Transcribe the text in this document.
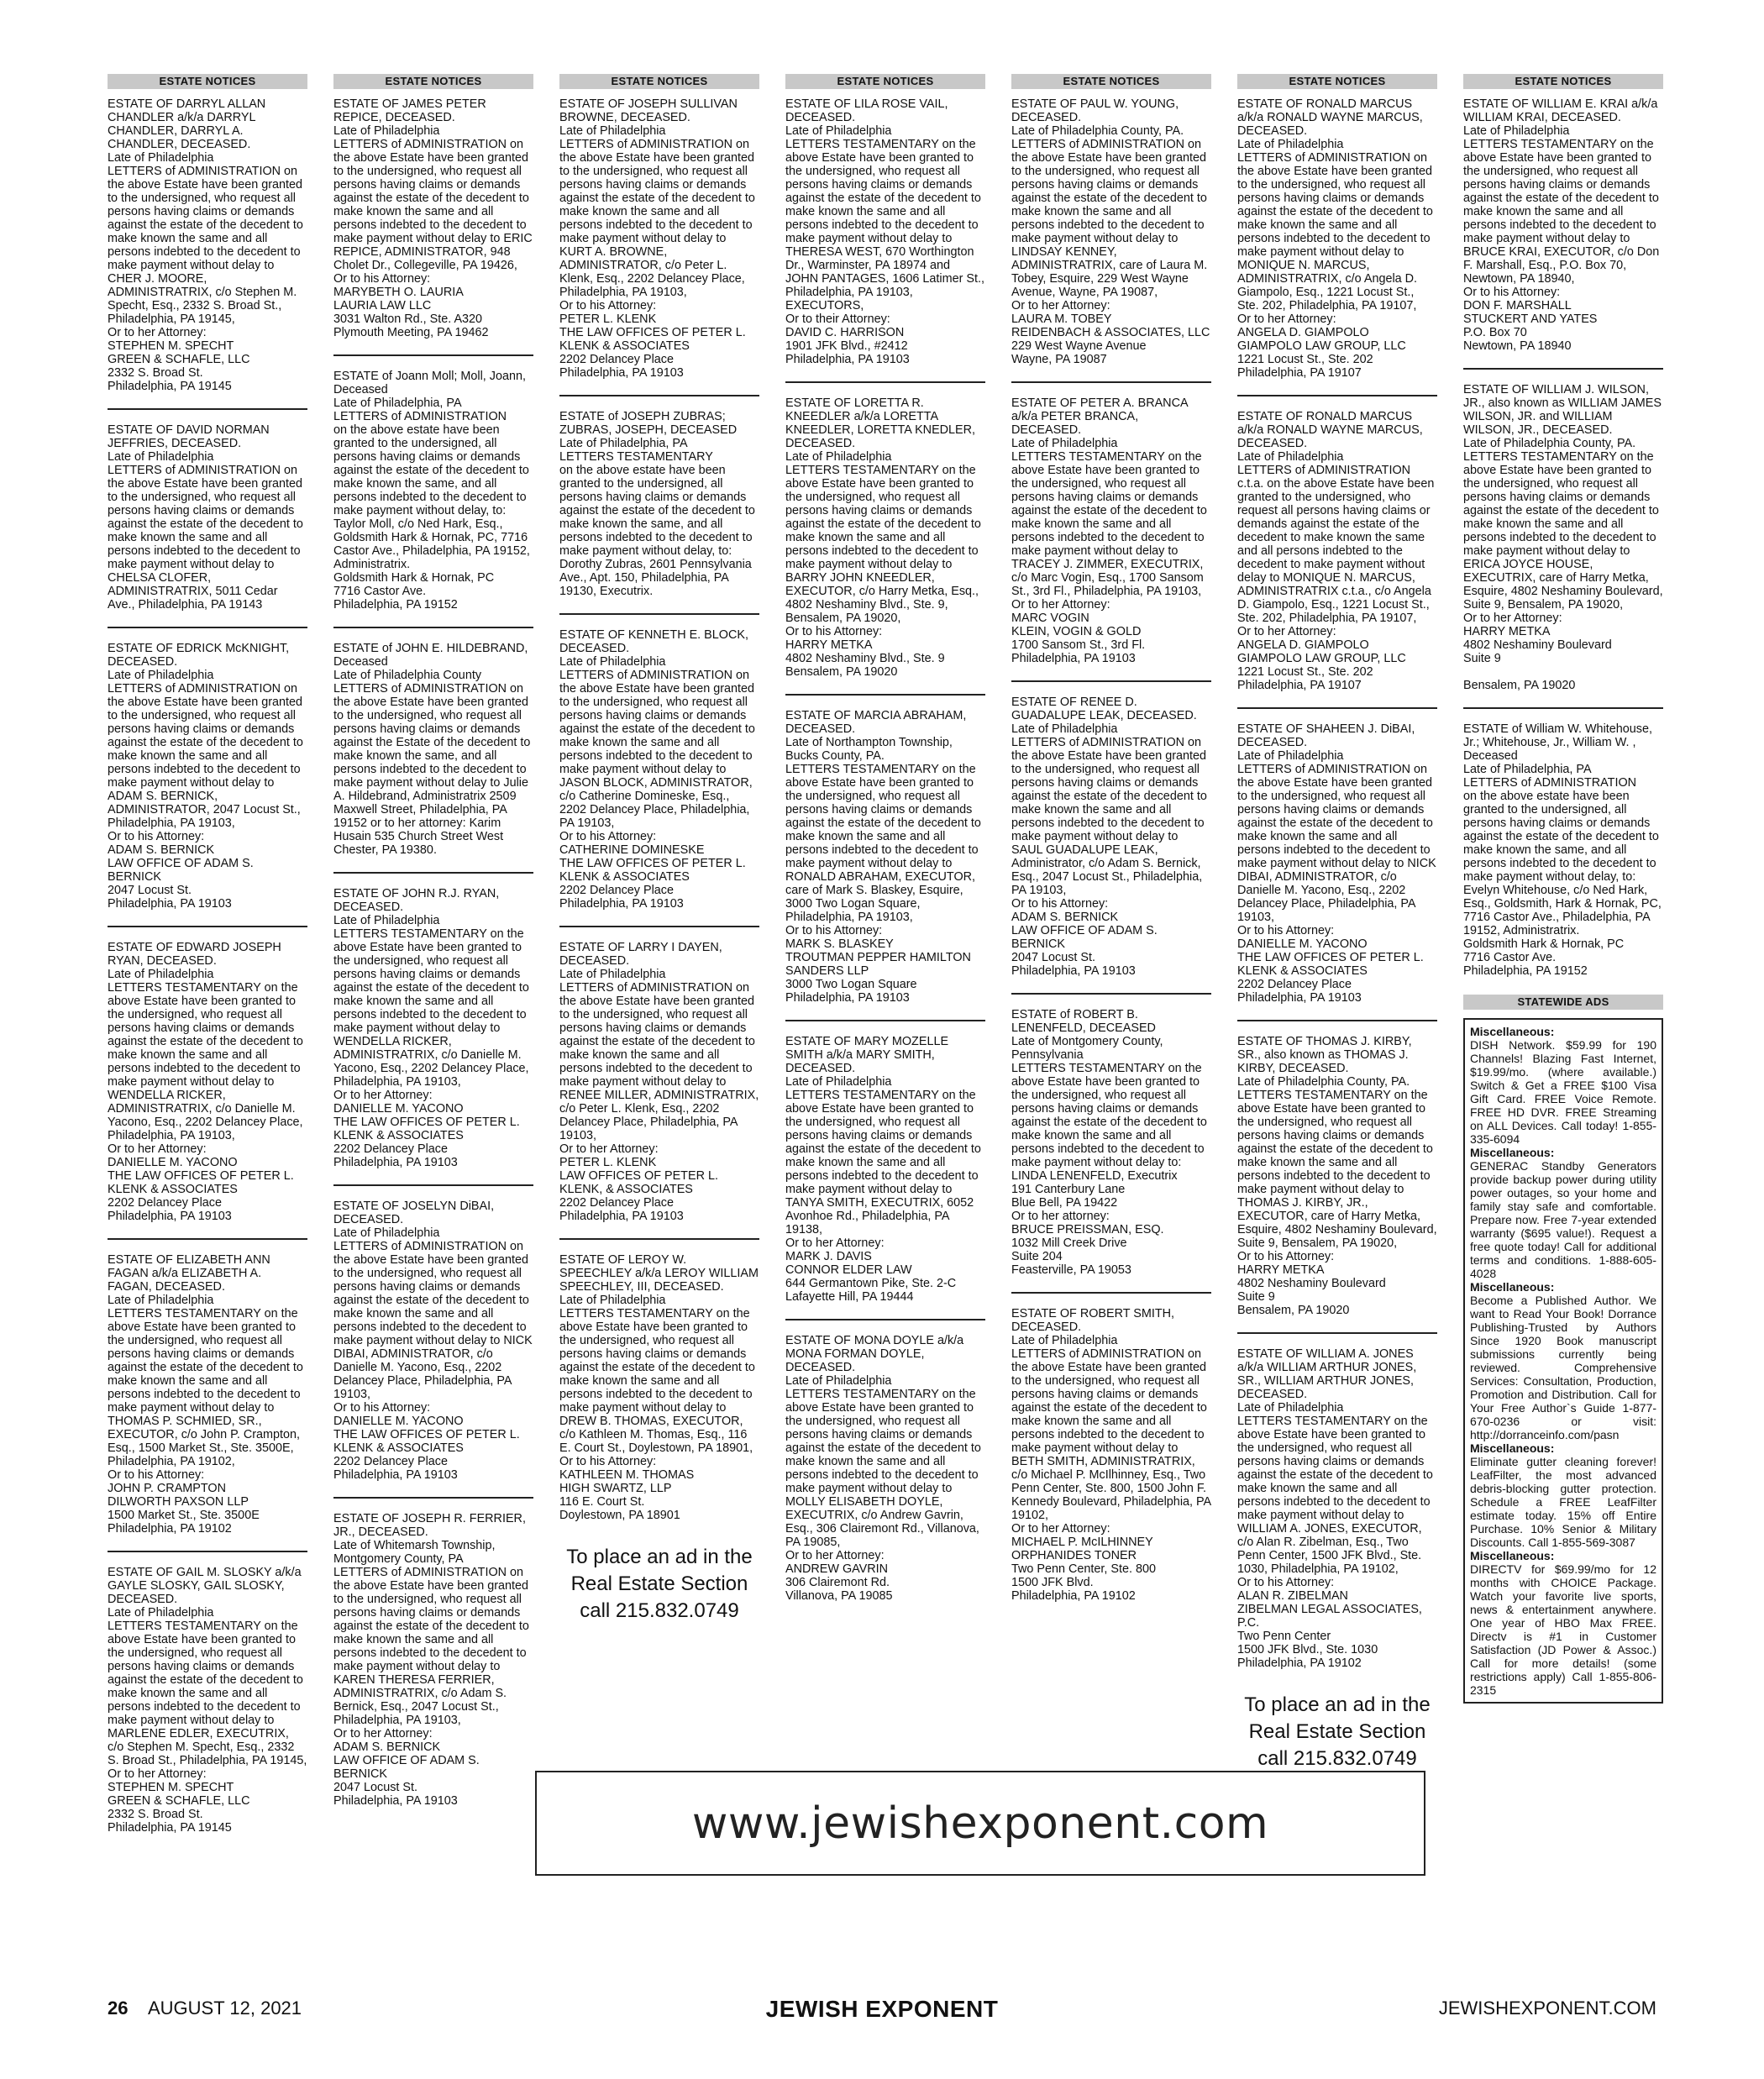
ESTATE NOTICES
ESTATE OF DARRYL ALLAN CHANDLER a/k/a DARRYL CHANDLER, DARRYL A. CHANDLER, DECEASED.
Late of Philadelphia
LETTERS of ADMINISTRATION on the above Estate have been granted to the undersigned, who request all persons having claims or demands against the estate of the decedent to make known the same and all persons indebted to the decedent to make payment without delay to CHER J. MOORE, ADMINISTRATRIX, c/o Stephen M. Specht, Esq., 2332 S. Broad St., Philadelphia, PA 19145,
Or to her Attorney:
STEPHEN M. SPECHT
GREEN & SCHAFLE, LLC
2332 S. Broad St.
Philadelphia, PA 19145
ESTATE OF DAVID NORMAN JEFFRIES, DECEASED.
Late of Philadelphia
LETTERS of ADMINISTRATION on the above Estate have been granted to the undersigned, who request all persons having claims or demands against the estate of the decedent to make known the same and all persons indebted to the decedent to make payment without delay to CHELSA CLOFER, ADMINISTRATRIX, 5011 Cedar Ave., Philadelphia, PA 19143
ESTATE OF EDRICK McKNIGHT, DECEASED.
Late of Philadelphia
LETTERS of ADMINISTRATION on the above Estate have been granted to the undersigned, who request all persons having claims or demands against the estate of the decedent to make known the same and all persons indebted to the decedent to make payment without delay to ADAM S. BERNICK, ADMINISTRATOR, 2047 Locust St., Philadelphia, PA 19103,
Or to his Attorney:
ADAM S. BERNICK
LAW OFFICE OF ADAM S. BERNICK
2047 Locust St.
Philadelphia, PA 19103
ESTATE OF EDWARD JOSEPH RYAN, DECEASED.
Late of Philadelphia
LETTERS TESTAMENTARY on the above Estate have been granted to the undersigned, who request all persons having claims or demands against the estate of the decedent to make known the same and all persons indebted to the decedent to make payment without delay to WENDELLA RICKER, ADMINISTRATRIX, c/o Danielle M. Yacono, Esq., 2202 Delancey Place, Philadelphia, PA 19103,
Or to her Attorney:
DANIELLE M. YACONO
THE LAW OFFICES OF PETER L. KLENK & ASSOCIATES
2202 Delancey Place
Philadelphia, PA 19103
ESTATE OF ELIZABETH ANN FAGAN a/k/a ELIZABETH A. FAGAN, DECEASED.
Late of Philadelphia
LETTERS TESTAMENTARY on the above Estate have been granted to the undersigned, who request all persons having claims or demands against the estate of the decedent to make known the same and all persons indebted to the decedent to make payment without delay to THOMAS P. SCHMIED, SR., EXECUTOR, c/o John P. Crampton, Esq., 1500 Market St., Ste. 3500E, Philadelphia, PA 19102,
Or to his Attorney:
JOHN P. CRAMPTON
DILWORTH PAXSON LLP
1500 Market St., Ste. 3500E
Philadelphia, PA 19102
ESTATE OF GAIL M. SLOSKY a/k/a GAYLE SLOSKY, GAIL SLOSKY, DECEASED.
Late of Philadelphia
LETTERS TESTAMENTARY on the above Estate have been granted to the undersigned, who request all persons having claims or demands against the estate of the decedent to make known the same and all persons indebted to the decedent to make payment without delay to MARLENE EDLER, EXECUTRIX, c/o Stephen M. Specht, Esq., 2332 S. Broad St., Philadelphia, PA 19145,
Or to her Attorney:
STEPHEN M. SPECHT
GREEN & SCHAFLE, LLC
2332 S. Broad St.
Philadelphia, PA 19145
ESTATE NOTICES
ESTATE OF JAMES PETER REPICE, DECEASED.
Late of Philadelphia
LETTERS of ADMINISTRATION on the above Estate have been granted to the undersigned, who request all persons having claims or demands against the estate of the decedent to make known the same and all persons indebted to the decedent to make payment without delay to ERIC REPICE, ADMINISTRATOR, 948 Cholet Dr., Collegeville, PA 19426,
Or to his Attorney:
MARYBETH O. LAURIA
LAURIA LAW LLC
3031 Walton Rd., Ste. A320
Plymouth Meeting, PA 19462
ESTATE of Joann Moll; Moll, Joann, Deceased
Late of Philadelphia, PA
LETTERS of ADMINISTRATION
on the above estate have been granted to the undersigned, all persons having claims or demands against the estate of the decedent to make known the same, and all persons indebted to the decedent to make payment without delay, to: Taylor Moll, c/o Ned Hark, Esq., Goldsmith Hark & Hornak, PC, 7716 Castor Ave., Philadelphia, PA 19152, Administratrix.
Goldsmith Hark & Hornak, PC
7716 Castor Ave.
Philadelphia, PA 19152
ESTATE of JOHN E. HILDEBRAND, Deceased
Late of Philadelphia County
LETTERS of ADMINISTRATION on the above Estate have been granted to the undersigned, who request all persons having claims or demands against the Estate of the decedent to make known the same, and all persons indebted to the decedent to make payment without delay to Julie A. Hildebrand, Administratrix 2509 Maxwell Street, Philadelphia, PA 19152 or to her attorney: Karim Husain 535 Church Street West Chester, PA 19380.
ESTATE OF JOHN R.J. RYAN, DECEASED.
Late of Philadelphia
LETTERS TESTAMENTARY on the above Estate have been granted to the undersigned, who request all persons having claims or demands against the estate of the decedent to make known the same and all persons indebted to the decedent to make payment without delay to WENDELLA RICKER, ADMINISTRATRIX, c/o Danielle M. Yacono, Esq., 2202 Delancey Place, Philadelphia, PA 19103,
Or to her Attorney:
DANIELLE M. YACONO
THE LAW OFFICES OF PETER L. KLENK & ASSOCIATES
2202 Delancey Place
Philadelphia, PA 19103
ESTATE OF JOSELYN DiBAI, DECEASED.
Late of Philadelphia
LETTERS of ADMINISTRATION on the above Estate have been granted to the undersigned, who request all persons having claims or demands against the estate of the decedent to make known the same and all persons indebted to the decedent to make payment without delay to NICK DIBAI, ADMINISTRATOR, c/o Danielle M. Yacono, Esq., 2202 Delancey Place, Philadelphia, PA 19103,
Or to his Attorney:
DANIELLE M. YACONO
THE LAW OFFICES OF PETER L. KLENK & ASSOCIATES
2202 Delancey Place
Philadelphia, PA 19103
ESTATE OF JOSEPH R. FERRIER, JR., DECEASED.
Late of Whitemarsh Township, Montgomery County, PA
LETTERS of ADMINISTRATION on the above Estate have been granted to the undersigned, who request all persons having claims or demands against the estate of the decedent to make known the same and all persons indebted to the decedent to make payment without delay to KAREN THERESA FERRIER, ADMINISTRATRIX, c/o Adam S. Bernick, Esq., 2047 Locust St., Philadelphia, PA 19103,
Or to her Attorney:
ADAM S. BERNICK
LAW OFFICE OF ADAM S. BERNICK
2047 Locust St.
Philadelphia, PA 19103
ESTATE NOTICES
ESTATE OF JOSEPH SULLIVAN BROWNE, DECEASED.
Late of Philadelphia
LETTERS of ADMINISTRATION on the above Estate have been granted to the undersigned, who request all persons having claims or demands against the estate of the decedent to make known the same and all persons indebted to the decedent to make payment without delay to KURT A. BROWNE, ADMINISTRATOR, c/o Peter L. Klenk, Esq., 2202 Delancey Place, Philadelphia, PA 19103,
Or to his Attorney:
PETER L. KLENK
THE LAW OFFICES OF PETER L. KLENK & ASSOCIATES
2202 Delancey Place
Philadelphia, PA 19103
ESTATE of JOSEPH ZUBRAS; ZUBRAS, JOSEPH, DECEASED
Late of Philadelphia, PA
LETTERS TESTAMENTARY
on the above estate have been granted to the undersigned, all persons having claims or demands against the estate of the decedent to make known the same, and all persons indebted to the decedent to make payment without delay, to: Dorothy Zubras, 2601 Pennsylvania Ave., Apt. 150, Philadelphia, PA 19130, Executrix.
ESTATE OF KENNETH E. BLOCK, DECEASED.
Late of Philadelphia
LETTERS of ADMINISTRATION on the above Estate have been granted to the undersigned, who request all persons having claims or demands against the estate of the decedent to make known the same and all persons indebted to the decedent to make payment without delay to JASON BLOCK, ADMINISTRATOR, c/o Catherine Domineske, Esq., 2202 Delancey Place, Philadelphia, PA 19103,
Or to his Attorney:
CATHERINE DOMINESKE
THE LAW OFFICES OF PETER L. KLENK & ASSOCIATES
2202 Delancey Place
Philadelphia, PA 19103
ESTATE OF LARRY I DAYEN, DECEASED.
Late of Philadelphia
LETTERS of ADMINISTRATION on the above Estate have been granted to the undersigned, who request all persons having claims or demands against the estate of the decedent to make known the same and all persons indebted to the decedent to make payment without delay to RENEE MILLER, ADMINISTRATRIX, c/o Peter L. Klenk, Esq., 2202 Delancey Place, Philadelphia, PA 19103,
Or to her Attorney:
PETER L. KLENK
LAW OFFICES OF PETER L. KLENK, & ASSOCIATES
2202 Delancey Place
Philadelphia, PA 19103
ESTATE OF LEROY W. SPEECHLEY a/k/a LEROY WILLIAM SPEECHLEY, III, DECEASED.
Late of Philadelphia
LETTERS TESTAMENTARY on the above Estate have been granted to the undersigned, who request all persons having claims or demands against the estate of the decedent to make known the same and all persons indebted to the decedent to make payment without delay to DREW B. THOMAS, EXECUTOR, c/o Kathleen M. Thomas, Esq., 116 E. Court St., Doylestown, PA 18901,
Or to his Attorney:
KATHLEEN M. THOMAS
HIGH SWARTZ, LLP
116 E. Court St.
Doylestown, PA 18901
To place an ad in the
Real Estate Section
call 215.832.0749
ESTATE NOTICES
ESTATE OF LILA ROSE VAIL, DECEASED.
Late of Philadelphia
LETTERS TESTAMENTARY on the above Estate have been granted to the undersigned, who request all persons having claims or demands against the estate of the decedent to make known the same and all persons indebted to the decedent to make payment without delay to THERESA WEST, 670 Worthington Dr., Warminster, PA 18974 and JOHN PANTAGES, 1606 Latimer St., Philadelphia, PA 19103, EXECUTORS,
Or to their Attorney:
DAVID C. HARRISON
1901 JFK Blvd., #2412
Philadelphia, PA 19103
ESTATE OF LORETTA R. KNEEDLER a/k/a LORETTA KNEEDLER, LORETTA KNEDLER, DECEASED.
Late of Philadelphia
LETTERS TESTAMENTARY on the above Estate have been granted to the undersigned, who request all persons having claims or demands against the estate of the decedent to make known the same and all persons indebted to the decedent to make payment without delay to BARRY JOHN KNEEDLER, EXECUTOR, c/o Harry Metka, Esq., 4802 Neshaminy Blvd., Ste. 9, Bensalem, PA 19020,
Or to his Attorney:
HARRY METKA
4802 Neshaminy Blvd., Ste. 9
Bensalem, PA 19020
ESTATE OF MARCIA ABRAHAM, DECEASED.
Late of Northampton Township, Bucks County, PA.
LETTERS TESTAMENTARY on the above Estate have been granted to the undersigned, who request all persons having claims or demands against the estate of the decedent to make known the same and all persons indebted to the decedent to make payment without delay to RONALD ABRAHAM, EXECUTOR, care of Mark S. Blaskey, Esquire, 3000 Two Logan Square, Philadelphia, PA 19103,
Or to his Attorney:
MARK S. BLASKEY
TROUTMAN PEPPER HAMILTON SANDERS LLP
3000 Two Logan Square
Philadelphia, PA 19103
ESTATE OF MARY MOZELLE SMITH a/k/a MARY SMITH, DECEASED.
Late of Philadelphia
LETTERS TESTAMENTARY on the above Estate have been granted to the undersigned, who request all persons having claims or demands against the estate of the decedent to make known the same and all persons indebted to the decedent to make payment without delay to TANYA SMITH, EXECUTRIX, 6052 Avonhoe Rd., Philadelphia, PA 19138,
Or to her Attorney:
MARK J. DAVIS
CONNOR ELDER LAW
644 Germantown Pike, Ste. 2-C
Lafayette Hill, PA 19444
ESTATE OF MONA DOYLE a/k/a MONA FORMAN DOYLE, DECEASED.
Late of Philadelphia
LETTERS TESTAMENTARY on the above Estate have been granted to the undersigned, who request all persons having claims or demands against the estate of the decedent to make known the same and all persons indebted to the decedent to make payment without delay to MOLLY ELISABETH DOYLE, EXECUTRIX, c/o Andrew Gavrin, Esq., 306 Clairemont Rd., Villanova, PA 19085,
Or to her Attorney:
ANDREW GAVRIN
306 Clairemont Rd.
Villanova, PA 19085
ESTATE NOTICES
ESTATE OF PAUL W. YOUNG, DECEASED.
Late of Philadelphia County, PA.
LETTERS of ADMINISTRATION on the above Estate have been granted to the undersigned, who request all persons having claims or demands against the estate of the decedent to make known the same and all persons indebted to the decedent to make payment without delay to LINDSAY KENNEY, ADMINISTRATRIX, care of Laura M. Tobey, Esquire, 229 West Wayne Avenue, Wayne, PA 19087,
Or to her Attorney:
LAURA M. TOBEY
REIDENBACH & ASSOCIATES, LLC
229 West Wayne Avenue
Wayne, PA 19087
ESTATE OF PETER A. BRANCA a/k/a PETER BRANCA, DECEASED.
Late of Philadelphia
LETTERS TESTAMENTARY on the above Estate have been granted to the undersigned, who request all persons having claims or demands against the estate of the decedent to make known the same and all persons indebted to the decedent to make payment without delay to TRACEY J. ZIMMER, EXECUTRIX, c/o Marc Vogin, Esq., 1700 Sansom St., 3rd Fl., Philadelphia, PA 19103,
Or to her Attorney:
MARC VOGIN
KLEIN, VOGIN & GOLD
1700 Sansom St., 3rd Fl.
Philadelphia, PA 19103
ESTATE OF RENEE D. GUADALUPE LEAK, DECEASED.
Late of Philadelphia
LETTERS of ADMINISTRATION on the above Estate have been granted to the undersigned, who request all persons having claims or demands against the estate of the decedent to make known the same and all persons indebted to the decedent to make payment without delay to SAUL GUADALUPE LEAK, Administrator, c/o Adam S. Bernick, Esq., 2047 Locust St., Philadelphia, PA 19103,
Or to his Attorney:
ADAM S. BERNICK
LAW OFFICE OF ADAM S. BERNICK
2047 Locust St.
Philadelphia, PA 19103
ESTATE of ROBERT B. LENENFELD, DECEASED
Late of Montgomery County, Pennsylvania
LETTERS TESTAMENTARY on the above Estate have been granted to the undersigned, who request all persons having claims or demands against the estate of the decedent to make known the same and all persons indebted to the decedent to make payment without delay to:
LINDA LENENFELD, Executrix
191 Canterbury Lane
Blue Bell, PA 19422
Or to her attorney:
BRUCE PREISSMAN, ESQ.
1032 Mill Creek Drive
Suite 204
Feasterville, PA 19053
ESTATE OF ROBERT SMITH, DECEASED.
Late of Philadelphia
LETTERS of ADMINISTRATION on the above Estate have been granted to the undersigned, who request all persons having claims or demands against the estate of the decedent to make known the same and all persons indebted to the decedent to make payment without delay to BETH SMITH, ADMINISTRATRIX, c/o Michael P. McIlhinney, Esq., Two Penn Center, Ste. 800, 1500 John F. Kennedy Boulevard, Philadelphia, PA 19102,
Or to her Attorney:
MICHAEL P. McILHINNEY
ORPHANIDES TONER
Two Penn Center, Ste. 800
1500 JFK Blvd.
Philadelphia, PA 19102
ESTATE NOTICES
ESTATE OF RONALD MARCUS a/k/a RONALD WAYNE MARCUS, DECEASED.
Late of Philadelphia
LETTERS of ADMINISTRATION on the above Estate have been granted to the undersigned, who request all persons having claims or demands against the estate of the decedent to make known the same and all persons indebted to the decedent to make payment without delay to MONIQUE N. MARCUS, ADMINISTRATRIX, c/o Angela D. Giampolo, Esq., 1221 Locust St., Ste. 202, Philadelphia, PA 19107,
Or to her Attorney:
ANGELA D. GIAMPOLO
GIAMPOLO LAW GROUP, LLC
1221 Locust St., Ste. 202
Philadelphia, PA 19107
ESTATE OF RONALD MARCUS a/k/a RONALD WAYNE MARCUS, DECEASED.
Late of Philadelphia
LETTERS of ADMINISTRATION c.t.a. on the above Estate have been granted to the undersigned, who request all persons having claims or demands against the estate of the decedent to make known the same and all persons indebted to the decedent to make payment without delay to MONIQUE N. MARCUS, ADMINISTRATRIX c.t.a., c/o Angela D. Giampolo, Esq., 1221 Locust St., Ste. 202, Philadelphia, PA 19107,
Or to her Attorney:
ANGELA D. GIAMPOLO
GIAMPOLO LAW GROUP, LLC
1221 Locust St., Ste. 202
Philadelphia, PA 19107
ESTATE OF SHAHEEN J. DiBAI, DECEASED.
Late of Philadelphia
LETTERS of ADMINISTRATION on the above Estate have been granted to the undersigned, who request all persons having claims or demands against the estate of the decedent to make known the same and all persons indebted to the decedent to make payment without delay to NICK DIBAI, ADMINISTRATOR, c/o Danielle M. Yacono, Esq., 2202 Delancey Place, Philadelphia, PA 19103,
Or to his Attorney:
DANIELLE M. YACONO
THE LAW OFFICES OF PETER L. KLENK & ASSOCIATES
2202 Delancey Place
Philadelphia, PA 19103
ESTATE OF THOMAS J. KIRBY, SR., also known as THOMAS J. KIRBY, DECEASED.
Late of Philadelphia County, PA.
LETTERS TESTAMENTARY on the above Estate have been granted to the undersigned, who request all persons having claims or demands against the estate of the decedent to make known the same and all persons indebted to the decedent to make payment without delay to THOMAS J. KIRBY, JR., EXECUTOR, care of Harry Metka, Esquire, 4802 Neshaminy Boulevard, Suite 9, Bensalem, PA 19020,
Or to his Attorney:
HARRY METKA
4802 Neshaminy Boulevard
Suite 9
Bensalem, PA 19020
ESTATE OF WILLIAM A. JONES a/k/a WILLIAM ARTHUR JONES, SR., WILLIAM ARTHUR JONES, DECEASED.
Late of Philadelphia
LETTERS TESTAMENTARY on the above Estate have been granted to the undersigned, who request all persons having claims or demands against the estate of the decedent to make known the same and all persons indebted to the decedent to make payment without delay to WILLIAM A. JONES, EXECUTOR, c/o Alan R. Zibelman, Esq., Two Penn Center, 1500 JFK Blvd., Ste. 1030, Philadelphia, PA 19102,
Or to his Attorney:
ALAN R. ZIBELMAN
ZIBELMAN LEGAL ASSOCIATES, P.C.
Two Penn Center
1500 JFK Blvd., Ste. 1030
Philadelphia, PA 19102
To place an ad in the
Real Estate Section
call 215.832.0749
ESTATE NOTICES
ESTATE OF WILLIAM E. KRAI a/k/a WILLIAM KRAI, DECEASED.
Late of Philadelphia
LETTERS TESTAMENTARY on the above Estate have been granted to the undersigned, who request all persons having claims or demands against the estate of the decedent to make known the same and all persons indebted to the decedent to make payment without delay to BRUCE KRAI, EXECUTOR, c/o Don F. Marshall, Esq., P.O. Box 70, Newtown, PA 18940,
Or to his Attorney:
DON F. MARSHALL
STUCKERT AND YATES
P.O. Box 70
Newtown, PA 18940
ESTATE OF WILLIAM J. WILSON, JR., also known as WILLIAM JAMES WILSON, JR. and WILLIAM WILSON, JR., DECEASED.
Late of Philadelphia County, PA.
LETTERS TESTAMENTARY on the above Estate have been granted to the undersigned, who request all persons having claims or demands against the estate of the decedent to make known the same and all persons indebted to the decedent to make payment without delay to ERICA JOYCE HOUSE, EXECUTRIX, care of Harry Metka, Esquire, 4802 Neshaminy Boulevard, Suite 9, Bensalem, PA 19020,
Or to her Attorney:
HARRY METKA
4802 Neshaminy Boulevard
Suite 9

Bensalem, PA 19020
ESTATE of William W. Whitehouse, Jr.; Whitehouse, Jr., William W. , Deceased
Late of Philadelphia, PA
LETTERS of ADMINISTRATION
on the above estate have been granted to the undersigned, all persons having claims or demands against the estate of the decedent to make known the same, and all persons indebted to the decedent to make payment without delay, to: Evelyn Whitehouse, c/o Ned Hark, Esq., Goldsmith, Hark & Hornak, PC, 7716 Castor Ave., Philadelphia, PA 19152, Administratrix.
Goldsmith Hark & Hornak, PC
7716 Castor Ave.
Philadelphia, PA 19152
STATEWIDE ADS
Miscellaneous:
DISH Network. $59.99 for 190 Channels! Blazing Fast Internet, $19.99/mo. (where available.) Switch & Get a FREE $100 Visa Gift Card. FREE Voice Remote. FREE HD DVR. FREE Streaming on ALL Devices. Call today! 1-855-335-6094
Miscellaneous:
GENERAC Standby Generators provide backup power during utility power outages, so your home and family stay safe and comfortable. Prepare now. Free 7-year extended warranty ($695 value!). Request a free quote today! Call for additional terms and conditions. 1-888-605-4028
Miscellaneous:
Become a Published Author. We want to Read Your Book! Dorrance Publishing-Trusted by Authors Since 1920 Book manuscript submissions currently being reviewed. Comprehensive Services: Consultation, Production, Promotion and Distribution. Call for Your Free Author`s Guide 1-877-670-0236 or visit: http://dorranceinfo.com/pasn
Miscellaneous:
Eliminate gutter cleaning forever! LeafFilter, the most advanced debris-blocking gutter protection. Schedule a FREE LeafFilter estimate today. 15% off Entire Purchase. 10% Senior & Military Discounts. Call 1-855-569-3087
Miscellaneous:
DIRECTV for $69.99/mo for 12 months with CHOICE Package. Watch your favorite live sports, news & entertainment anywhere. One year of HBO Max FREE. Directv is #1 in Customer Satisfaction (JD Power & Assoc.) Call for more details! (some restrictions apply) Call 1-855-806-2315
www.jewishexponent.com
26 AUGUST 12, 2021	JEWISH EXPONENT	JEWISHEXPONENT.COM
